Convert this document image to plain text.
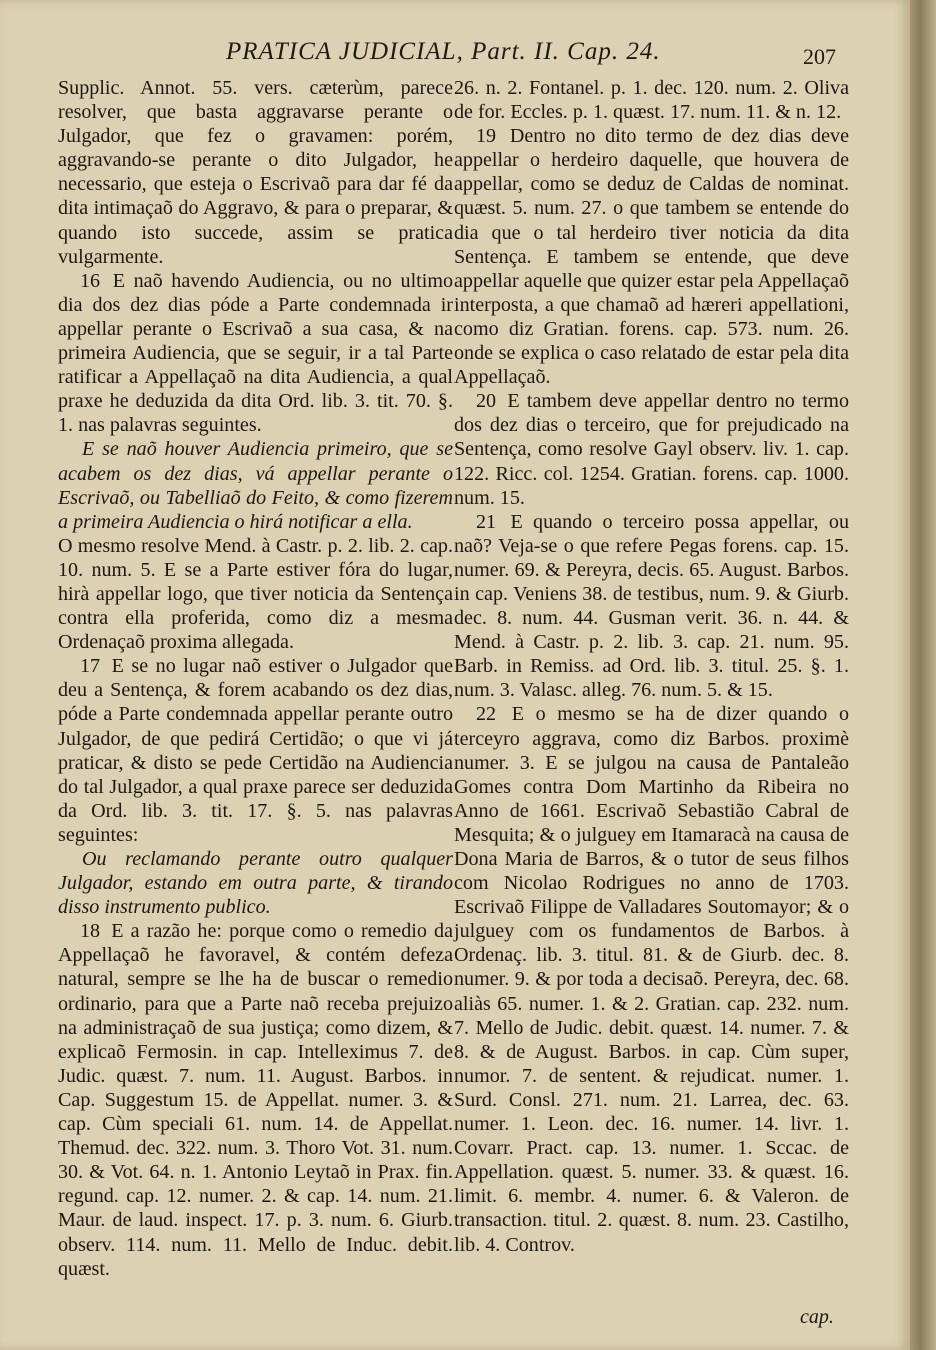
PRATICA JUDICIAL, Part. II. Cap. 24.	207

Supplic. Annot. 55. vers. cæterùm, parece resolver, que basta aggravarse perante o Julgador, que fez o gravamen: porém, aggravando-se perante o dito Julgador, he necessario, que esteja o Escrivaõ para dar fé da dita intimaçaõ do Aggravo, & para o preparar, & quando isto succede, assim se pratica vulgarmente.

16 E naõ havendo Audiencia, ou no ultimo dia dos dez dias póde a Parte condemnada ir appellar perante o Escrivaõ a sua casa, & na primeira Audiencia, que se seguir, ir a tal Parte ratificar a Appellaçaõ na dita Audiencia, a qual praxe he deduzida da dita Ord. lib. 3. tit. 70. §. 1. nas palavras seguintes.

E se naõ houver Audiencia primeiro, que se acabem os dez dias, vá appellar perante o Escrivaõ, ou Tabelliaõ do Feito, & como fizerem a primeira Audiencia o hirá notificar a ella.

O mesmo resolve Mend. à Castr. p. 2. lib. 2. cap. 10. num. 5. E se a Parte estiver fóra do lugar, hirà appellar logo, que tiver noticia da Sentença contra ella proferida, como diz a mesma Ordenaçaõ proxima allegada.

17 E se no lugar naõ estiver o Julgador que deu a Sentença, & forem acabando os dez dias, póde a Parte condemnada appellar perante outro Julgador, de que pedirá Certidão; o que vi já praticar, & disto se pede Certidão na Audiencia do tal Julgador, a qual praxe parece ser deduzida da Ord. lib. 3. tit. 17. §. 5. nas palavras seguintes:

Ou reclamando perante outro qualquer Julgador, estando em outra parte, & tirando disso instrumento publico.

18 E a razão he: porque como o remedio da Appellaçaõ he favoravel, & contém defeza natural, sempre se lhe ha de buscar o remedio ordinario, para que a Parte naõ receba prejuizo na administraçaõ de sua justiça; como dizem, & explicaõ Fermosin. in cap. Intelleximus 7. de Judic. quæst. 7. num. 11. August. Barbos. in Cap. Suggestum 15. de Appellat. numer. 3. & cap. Cùm speciali 61. num. 14. de Appellat. Themud. dec. 322. num. 3. Thoro Vot. 31. num. 30. & Vot. 64. n. 1. Antonio Leytaõ in Prax. fin. regund. cap. 12. numer. 2. & cap. 14. num. 21. Maur. de laud. inspect. 17. p. 3. num. 6. Giurb. observ. 114. num. 11. Mello de Induc. debit. quæst.

26. n. 2. Fontanel. p. 1. dec. 120. num. 2. Oliva de for. Eccles. p. 1. quæst. 17. num. 11. & n. 12.

19 Dentro no dito termo de dez dias deve appellar o herdeiro daquelle, que houvera de appellar, como se deduz de Caldas de nominat. quæst. 5. num. 27. o que tambem se entende do dia que o tal herdeiro tiver noticia da dita Sentença. E tambem se entende, que deve appellar aquelle que quizer estar pela Appellaçaõ interposta, a que chamaõ ad hæreri appellationi, como diz Gratian. forens. cap. 573. num. 26. onde se explica o caso relatado de estar pela dita Appellaçaõ.

20 E tambem deve appellar dentro no termo dos dez dias o terceiro, que for prejudicado na Sentença, como resolve Gayl observ. liv. 1. cap. 122. Ricc. col. 1254. Gratian. forens. cap. 1000. num. 15.

21 E quando o terceiro possa appellar, ou naõ? Veja-se o que refere Pegas forens. cap. 15. numer. 69. & Pereyra, decis. 65. August. Barbos. in cap. Veniens 38. de testibus, num. 9. & Giurb. dec. 8. num. 44. Gusman verit. 36. n. 44. & Mend. à Castr. p. 2. lib. 3. cap. 21. num. 95. Barb. in Remiss. ad Ord. lib. 3. titul. 25. §. 1. num. 3. Valasc. alleg. 76. num. 5. & 15.

22 E o mesmo se ha de dizer quando o terceyro aggrava, como diz Barbos. proximè numer. 3. E se julgou na causa de Pantaleão Gomes contra Dom Martinho da Ribeira no Anno de 1661. Escrivaõ Sebastião Cabral de Mesquita; & o julguey em Itamaracà na causa de Dona Maria de Barros, & o tutor de seus filhos com Nicolao Rodrigues no anno de 1703. Escrivaõ Filippe de Valladares Soutomayor; & o julguey com os fundamentos de Barbos. à Ordenaç. lib. 3. titul. 81. & de Giurb. dec. 8. numer. 9. & por toda a decisaõ. Pereyra, dec. 68. aliàs 65. numer. 1. & 2. Gratian. cap. 232. num. 7. Mello de Judic. debit. quæst. 14. numer. 7. & 8. & de August. Barbos. in cap. Cùm super, numor. 7. de sentent. & rejudicat. numer. 1. Surd. Consl. 271. num. 21. Larrea, dec. 63. numer. 1. Leon. dec. 16. numer. 14. livr. 1. Covarr. Pract. cap. 13. numer. 1. Sccac. de Appellation. quæst. 5. numer. 33. & quæst. 16. limit. 6. membr. 4. numer. 6. & Valeron. de transaction. titul. 2. quæst. 8. num. 23. Castilho, lib. 4. Controv.

cap.
